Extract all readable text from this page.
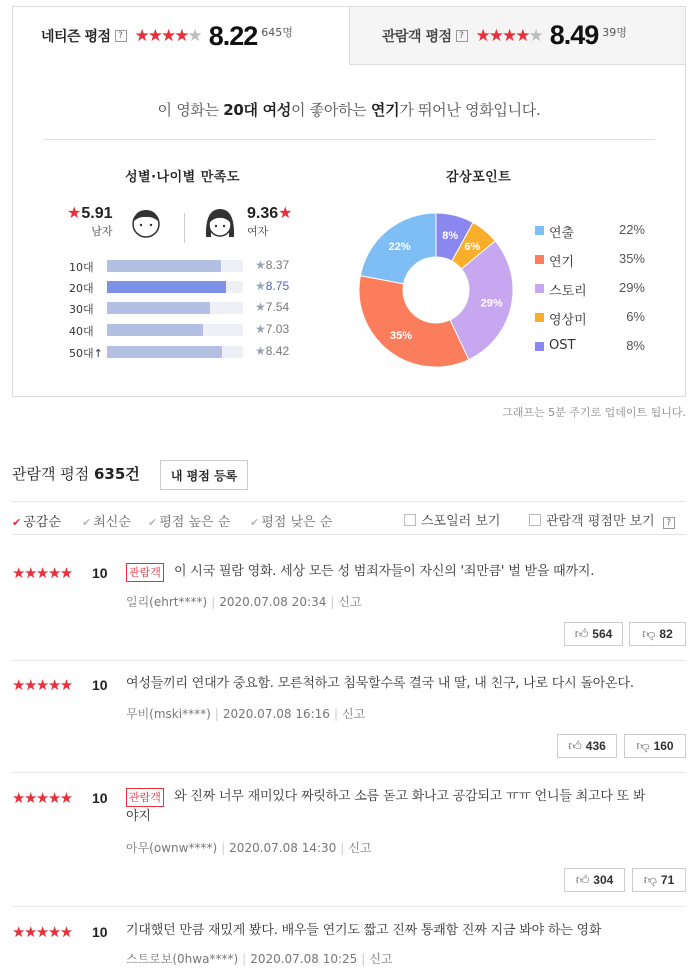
네티즌 평점 ? ★★★★★ 8.22 645명	관람객 평점 ? ★★★★★ 8.49 39명
이 영화는 20대 여성이 좋아하는 연기가 뛰어난 영화입니다.
성별·나이별 만족도
★5.91
남자
9.36★
여자
10대	★8.37
20대	★8.75
30대	★7.54
40대	★7.03
50대↑	★8.42
감상포인트
8%
6%
29%
35%
22%
연출	22%
연기	35%
스토리 29%
영상미	6%
OST	8%
그래프는 5분 주기로 업데이트 됩니다.
관람객 평점 635건	내 평점 등록
✔ 공감순 ✔ 최신순 ✔ 평점 높은 순 ✔ 평점 낮은 순	스포일러 보기	관람객 평점만 보기 ?
★★★★★ 10 관람객 이 시국 필람 영화. 세상 모든 성 범죄자들이 자신의 '죄만큼' 벌 받을 때까지.
일리(ehrt****) | 2020.07.08 20:34 | 신고
👍︎ 564 👎︎ 82
★★★★★ 10 여성들끼리 연대가 중요함. 모른척하고 침묵할수록 결국 내 딸, 내 친구, 나로 다시 돌아온다.
무비(mski****) | 2020.07.08 16:16 | 신고
👍︎ 436 👎︎ 160
★★★★★ 10 관람객 와 진짜 너무 재미있다 짜릿하고 소름 돋고 화나고 공감되고 ㅠㅠ 언니들 최고다 또 봐
야지
아무(ownw****) | 2020.07.08 14:30 | 신고
👍︎ 304 👎︎ 71
★★★★★ 10 기대했던 만큼 재밌게 봤다. 배우들 연기도 짧고 진짜 통쾌함 진짜 지금 봐야 하는 영화
스트로보(0hwa****) | 2020.07.08 10:25 | 신고
